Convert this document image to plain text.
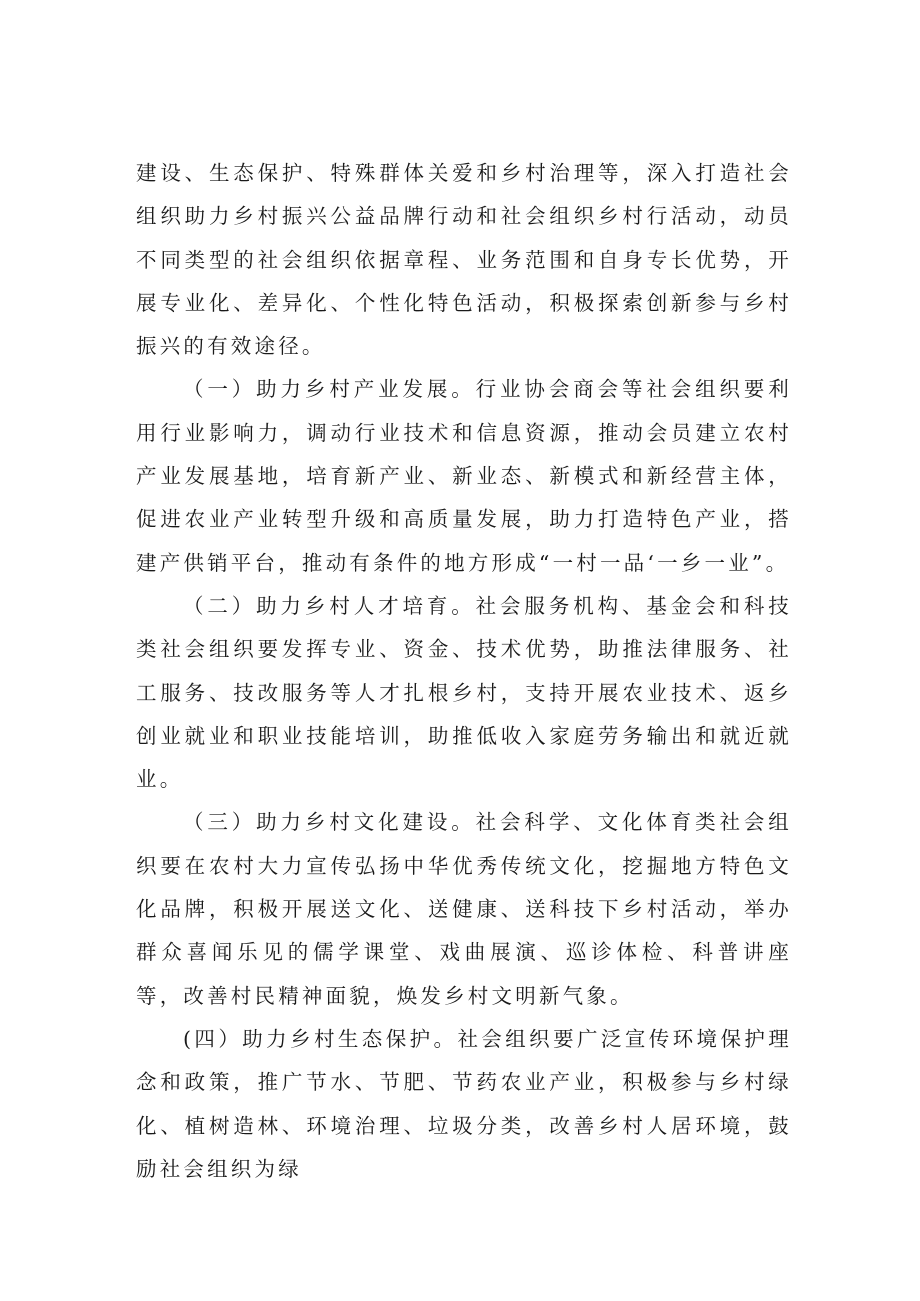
建设、生态保护、特殊群体关爱和乡村治理等，深入打造社会组织助力乡村振兴公益品牌行动和社会组织乡村行活动，动员不同类型的社会组织依据章程、业务范围和自身专长优势，开展专业化、差异化、个性化特色活动，积极探索创新参与乡村振兴的有效途径。

（一）助力乡村产业发展。行业协会商会等社会组织要利用行业影响力，调动行业技术和信息资源，推动会员建立农村产业发展基地，培育新产业、新业态、新模式和新经营主体，促进农业产业转型升级和高质量发展，助力打造特色产业，搭建产供销平台，推动有条件的地方形成“一村一品‘一乡一业”。

（二）助力乡村人才培育。社会服务机构、基金会和科技类社会组织要发挥专业、资金、技术优势，助推法律服务、社工服务、技改服务等人才扎根乡村，支持开展农业技术、返乡创业就业和职业技能培训，助推低收入家庭劳务输出和就近就业。

（三）助力乡村文化建设。社会科学、文化体育类社会组织要在农村大力宣传弘扬中华优秀传统文化，挖掘地方特色文化品牌，积极开展送文化、送健康、送科技下乡村活动，举办群众喜闻乐见的儒学课堂、戏曲展演、巡诊体检、科普讲座等，改善村民精神面貌，焕发乡村文明新气象。

(四）助力乡村生态保护。社会组织要广泛宣传环境保护理念和政策，推广节水、节肥、节药农业产业，积极参与乡村绿化、植树造林、环境治理、垃圾分类，改善乡村人居环境，鼓励社会组织为绿
